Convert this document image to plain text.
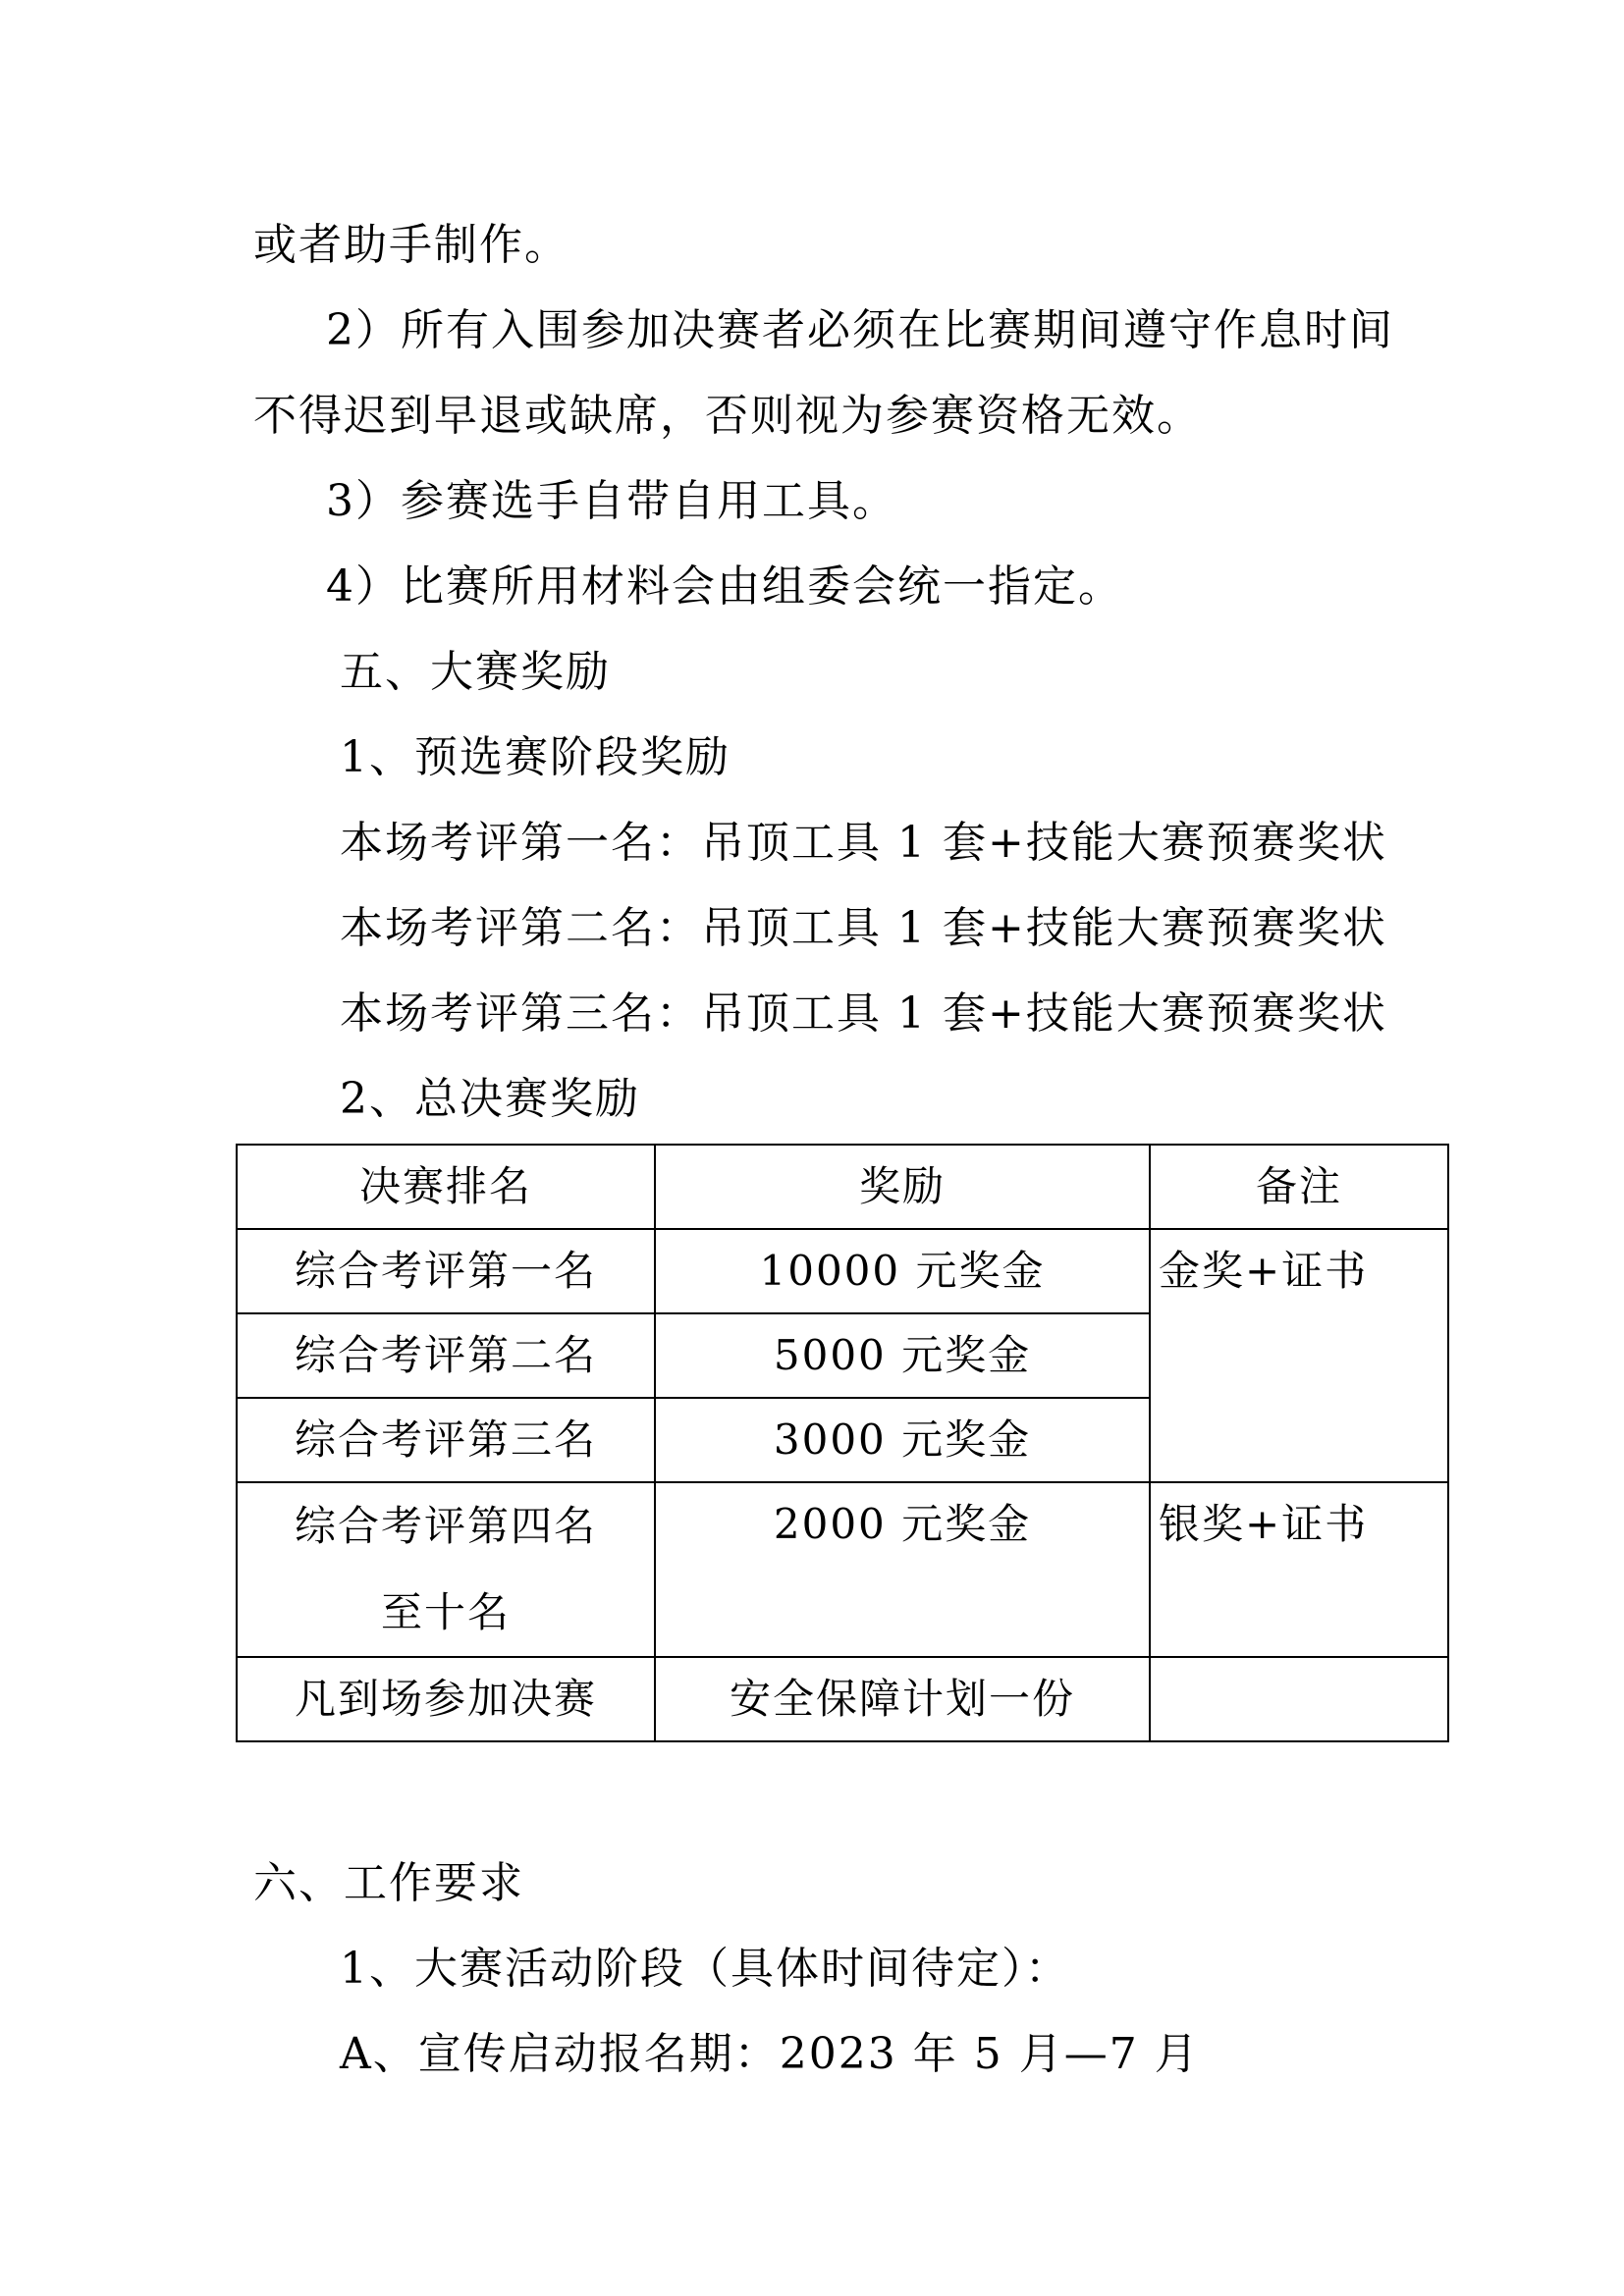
或者助手制作。
2）所有入围参加决赛者必须在比赛期间遵守作息时间
不得迟到早退或缺席，否则视为参赛资格无效。
3）参赛选手自带自用工具。
4）比赛所用材料会由组委会统一指定。
五、大赛奖励
1、预选赛阶段奖励
本场考评第一名：吊顶工具 1 套+技能大赛预赛奖状
本场考评第二名：吊顶工具 1 套+技能大赛预赛奖状
本场考评第三名：吊顶工具 1 套+技能大赛预赛奖状
2、总决赛奖励
决赛排名	奖励	备注
综合考评第一名	10000 元奖金	金奖+证书
综合考评第二名	5000 元奖金	
综合考评第三名	3000 元奖金	

综合考评第四名
至十名	2000 元奖金	银奖+证书
凡到场参加决赛	安全保障计划一份	
六、工作要求
1、大赛活动阶段（具体时间待定）：
A、宣传启动报名期：2023 年 5 月—7 月
